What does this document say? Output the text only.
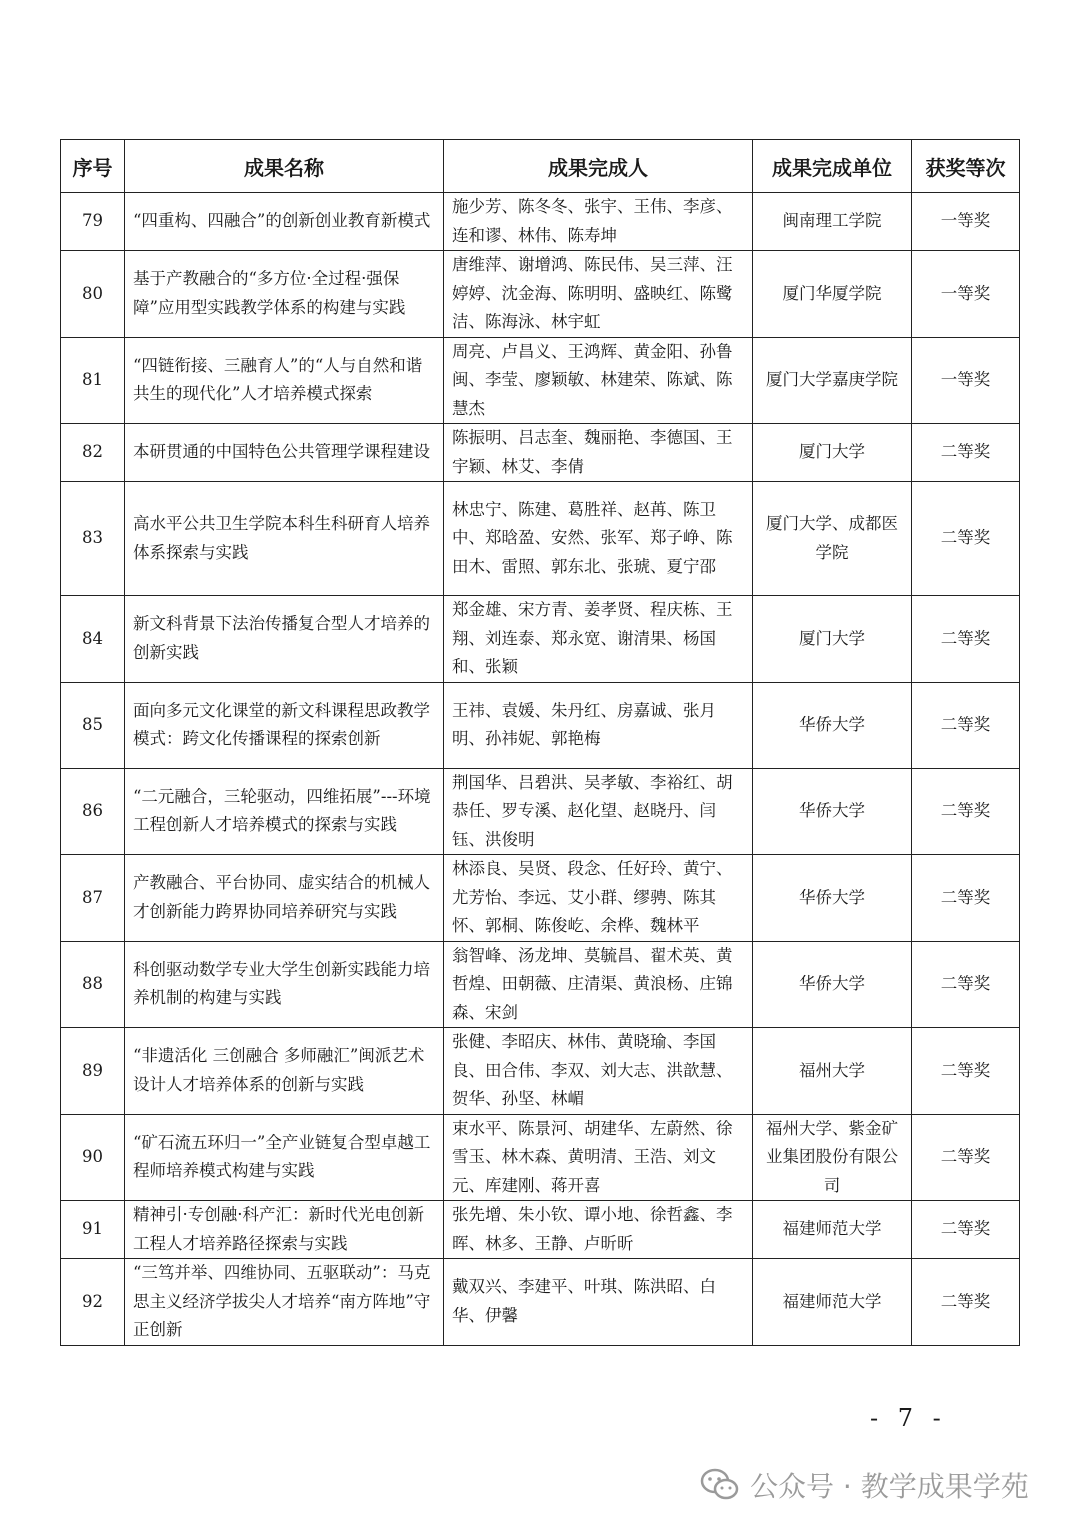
序号	成果名称	成果完成人	成果完成单位	获奖等次
79	“四重构、四融合”的创新创业教育新模式	施少芳、陈冬冬、张宇、王伟、李彦、连和谬、林伟、陈寿坤	闽南理工学院	一等奖
80	基于产教融合的“多方位·全过程·强保障”应用型实践教学体系的构建与实践	唐维萍、谢增鸿、陈民伟、吴三萍、汪婷婷、沈金海、陈明明、盛映红、陈鹭洁、陈海泳、林宇虹	厦门华厦学院	一等奖
81	“四链衔接、三融育人”的“人与自然和谐共生的现代化”人才培养模式探索	周亮、卢昌义、王鸿辉、黄金阳、孙鲁闽、李莹、廖颖敏、林建荣、陈斌、陈慧杰	厦门大学嘉庚学院	一等奖
82	本研贯通的中国特色公共管理学课程建设	陈振明、吕志奎、魏丽艳、李德国、王宇颖、林艾、李倩	厦门大学	二等奖
83	高水平公共卫生学院本科生科研育人培养体系探索与实践	林忠宁、陈建、葛胜祥、赵苒、陈卫中、郑晗盈、安然、张军、郑子峥、陈田木、雷照、郭东北、张琥、夏宁邵	厦门大学、成都医学院	二等奖
84	新文科背景下法治传播复合型人才培养的创新实践	郑金雄、宋方青、姜孝贤、程庆栋、王翔、刘连泰、郑永宽、谢清果、杨国和、张颖	厦门大学	二等奖
85	面向多元文化课堂的新文科课程思政教学模式：跨文化传播课程的探索创新	王祎、袁媛、朱丹红、房嘉诚、张月明、孙祎妮、郭艳梅	华侨大学	二等奖
86	“二元融合，三轮驱动，四维拓展”---环境工程创新人才培养模式的探索与实践	荆国华、吕碧洪、吴孝敏、李裕红、胡恭任、罗专溪、赵化望、赵晓丹、闫钰、洪俊明	华侨大学	二等奖
87	产教融合、平台协同、虚实结合的机械人才创新能力跨界协同培养研究与实践	林添良、吴贤、段念、任好玲、黄宁、尤芳怡、李远、艾小群、缪骋、陈其怀、郭桐、陈俊屹、余桦、魏林平	华侨大学	二等奖
88	科创驱动数学专业大学生创新实践能力培养机制的构建与实践	翁智峰、汤龙坤、莫毓昌、翟术英、黄哲煌、田朝薇、庄清渠、黄浪杨、庄锦森、宋剑	华侨大学	二等奖
89	“非遗活化 三创融合 多师融汇”闽派艺术设计人才培养体系的创新与实践	张健、李昭庆、林伟、黄晓瑜、李国良、田合伟、李双、刘大志、洪歆慧、贺华、孙坚、林嵋	福州大学	二等奖
90	“矿石流五环归一”全产业链复合型卓越工程师培养模式构建与实践	束水平、陈景河、胡建华、左蔚然、徐雪玉、林木森、黄明清、王浩、刘文元、库建刚、蒋开喜	福州大学、紫金矿业集团股份有限公司	二等奖
91	精神引·专创融·科产汇：新时代光电创新工程人才培养路径探索与实践	张先增、朱小钦、谭小地、徐哲鑫、李晖、林多、王静、卢昕昕	福建师范大学	二等奖
92	“三笃并举、四维协同、五驱联动”：马克思主义经济学拔尖人才培养“南方阵地”守正创新	戴双兴、李建平、叶琪、陈洪昭、白华、伊馨	福建师范大学	二等奖
- 7 -
公众号 · 教学成果学苑
